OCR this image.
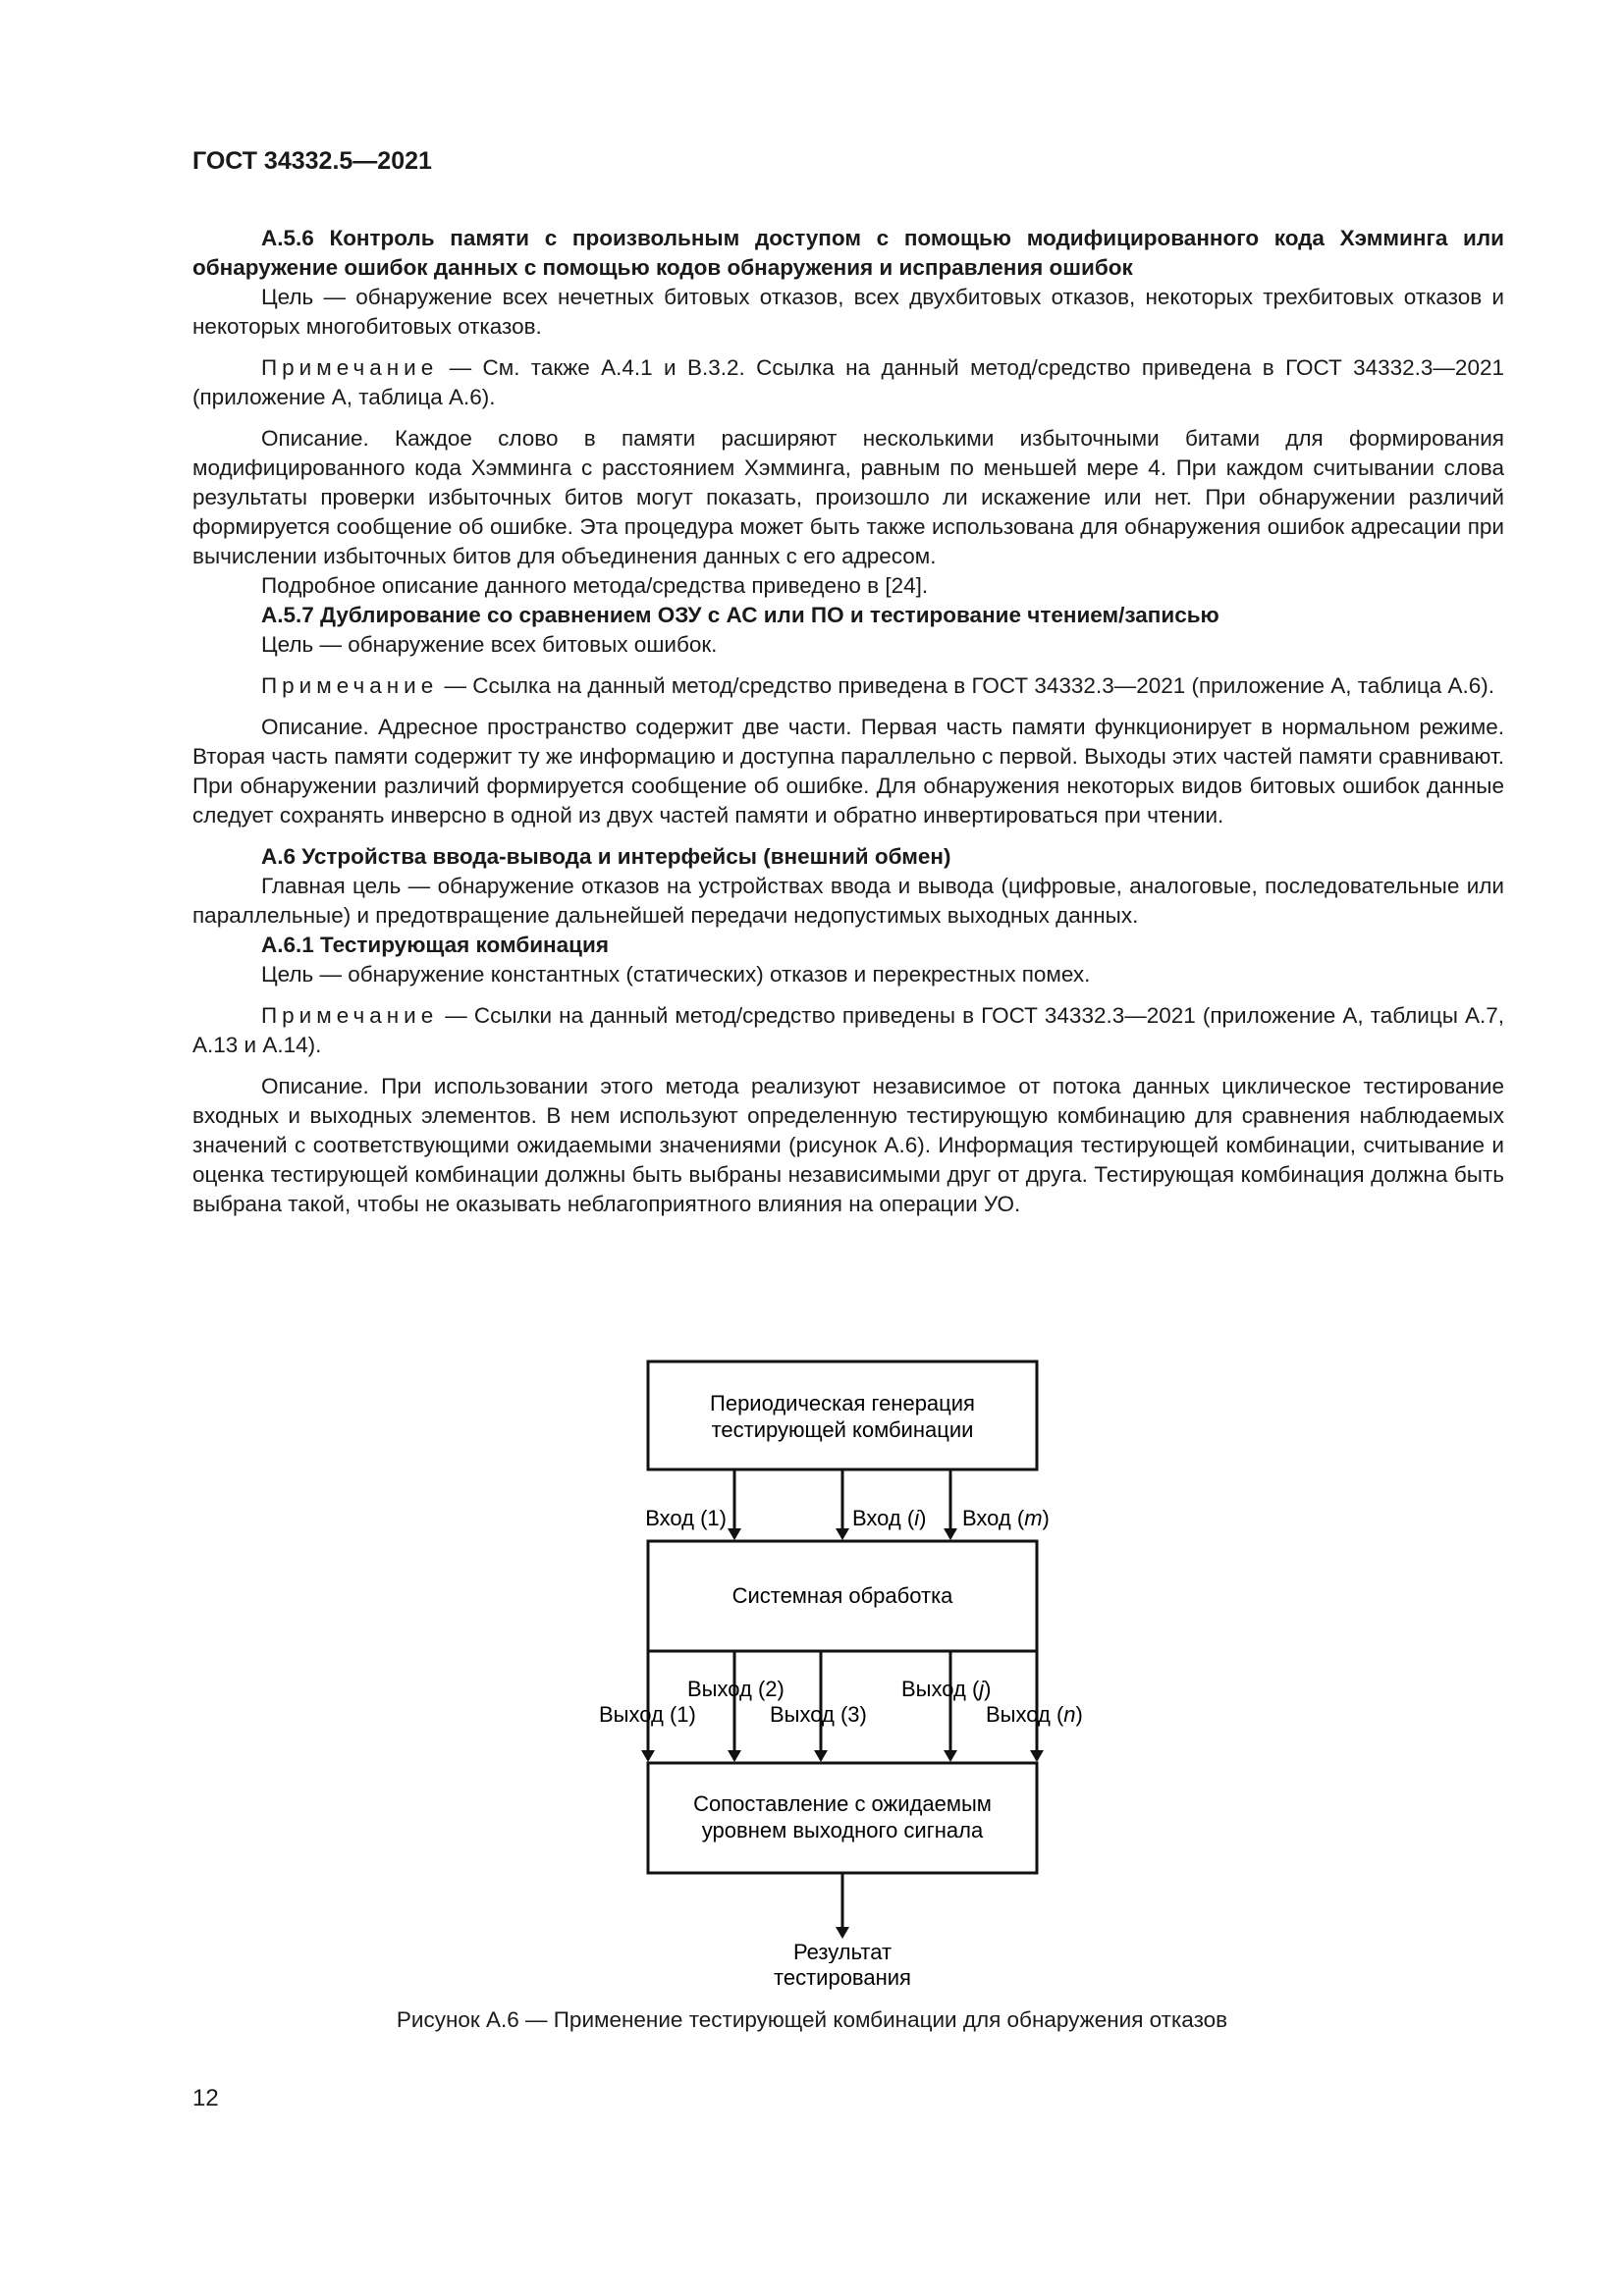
ГОСТ 34332.5—2021

А.5.6 Контроль памяти с произвольным доступом с помощью модифицированного кода Хэмминга или обнаружение ошибок данных с помощью кодов обнаружения и исправления ошибок

Цель — обнаружение всех нечетных битовых отказов, всех двухбитовых отказов, некоторых трехбитовых отказов и некоторых многобитовых отказов.

Примечание — См. также А.4.1 и В.3.2. Ссылка на данный метод/средство приведена в ГОСТ 34332.3—2021 (приложение А, таблица А.6).

Описание. Каждое слово в памяти расширяют несколькими избыточными битами для формирования модифицированного кода Хэмминга с расстоянием Хэмминга, равным по меньшей мере 4. При каждом считывании слова результаты проверки избыточных битов могут показать, произошло ли искажение или нет. При обнаружении различий формируется сообщение об ошибке. Эта процедура может быть также использована для обнаружения ошибок адресации при вычислении избыточных битов для объединения данных с его адресом.

Подробное описание данного метода/средства приведено в [24].

А.5.7 Дублирование со сравнением ОЗУ с АС или ПО и тестирование чтением/записью

Цель — обнаружение всех битовых ошибок.

Примечание — Ссылка на данный метод/средство приведена в ГОСТ 34332.3—2021 (приложение А, таблица А.6).

Описание. Адресное пространство содержит две части. Первая часть памяти функционирует в нормальном режиме. Вторая часть памяти содержит ту же информацию и доступна параллельно с первой. Выходы этих частей памяти сравнивают. При обнаружении различий формируется сообщение об ошибке. Для обнаружения некоторых видов битовых ошибок данные следует сохранять инверсно в одной из двух частей памяти и обратно инвертироваться при чтении.

А.6 Устройства ввода-вывода и интерфейсы (внешний обмен)

Главная цель — обнаружение отказов на устройствах ввода и вывода (цифровые, аналоговые, последовательные или параллельные) и предотвращение дальнейшей передачи недопустимых выходных данных.

А.6.1 Тестирующая комбинация

Цель — обнаружение константных (статических) отказов и перекрестных помех.

Примечание — Ссылки на данный метод/средство приведены в ГОСТ 34332.3—2021 (приложение А, таблицы А.7, А.13 и А.14).

Описание. При использовании этого метода реализуют независимое от потока данных циклическое тестирование входных и выходных элементов. В нем используют определенную тестирующую комбинацию для сравнения наблюдаемых значений с соответствующими ожидаемыми значениями (рисунок А.6). Информация тестирующей комбинации, считывание и оценка тестирующей комбинации должны быть выбраны независимыми друг от друга. Тестирующая комбинация должна быть выбрана такой, чтобы не оказывать неблагоприятного влияния на операции УО.

Периодическая генерация
тестирующей комбинации
Вход (1)	Вход (i) Вход (m)
Системная обработка
Выход (2)	Выход (j)
Выход (1)	Выход (3)	Выход (n)
Сопоставление с ожидаемым
уровнем выходного сигнала
Результат
тестирования
Рисунок А.6 — Применение тестирующей комбинации для обнаружения отказов
12
